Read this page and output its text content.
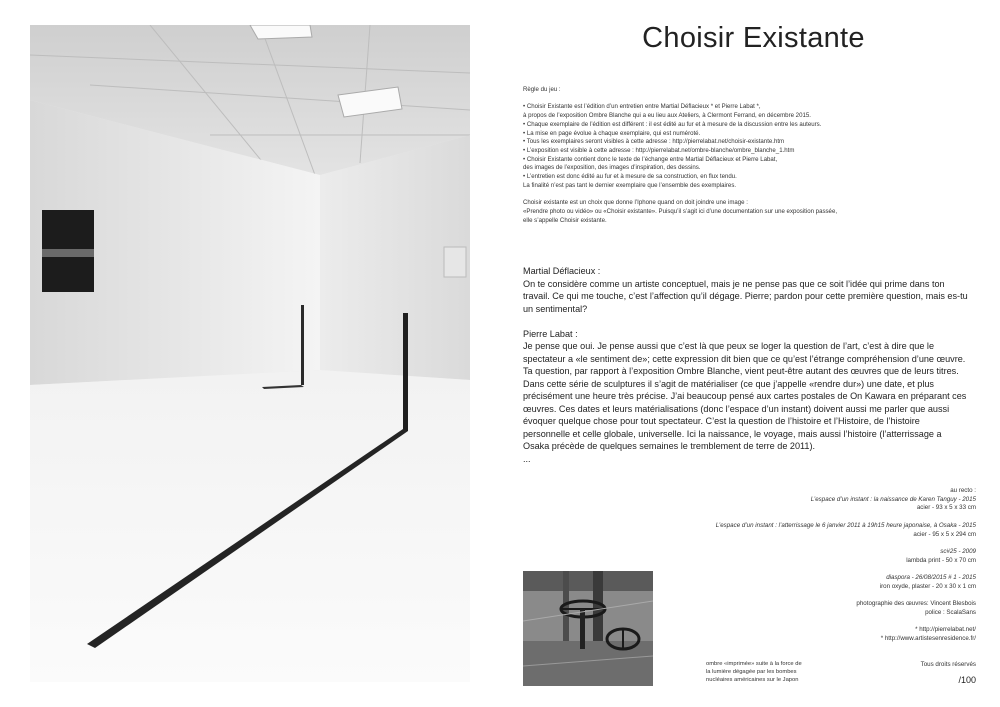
Choisir Existante
Règle du jeu :
• Choisir Existante est l’édition d’un entretien entre Martial Déflacieux * et Pierre Labat *,
à propos de l’exposition Ombre Blanche qui a eu lieu aux Ateliers, à Clermont Ferrand, en décembre 2015.
• Chaque exemplaire de l’édition est différent : il est édité au fur et à mesure de la discussion entre les auteurs.
• La mise en page évolue à chaque exemplaire, qui est numéroté.
• Tous les exemplaires seront visibles à cette adresse : http://pierrelabat.net/choisir-existante.htm
• L’exposition est visible à cette adresse : http://pierrelabat.net/ombre-blanche/ombre_blanche_1.htm
• Choisir Existante contient donc le texte de l’échange entre Martial Déflacieux et Pierre Labat,
des images de l’exposition, des images d’inspiration, des dessins.
• L’entretien est donc édité au fur et à mesure de sa construction, en flux tendu.
La finalité n’est pas tant le dernier exemplaire que l’ensemble des exemplaires.
Choisir existante est un choix que donne l’Iphone quand on doit joindre une image :
«Prendre photo ou vidéo» ou «Choisir existante». Puisqu’il s’agit ici d’une documentation sur une exposition passée,
elle s’appelle Choisir existante.

Martial Déflacieux :

On te considère comme un artiste conceptuel, mais je ne pense pas que ce soit l’idée qui prime dans ton travail. Ce qui me touche, c’est l’affection qu’il dégage. Pierre; pardon pour cette première question, mais es-tu un sentimental?

Pierre Labat :

Je pense que oui. Je pense aussi que c’est là que peux se loger la question de l’art, c’est à dire que le spectateur a «le sentiment de»; cette expression dit bien que ce qu’est l’étrange compréhension d’une œuvre. Ta question, par rapport à l’exposition Ombre Blanche, vient peut-être autant des œuvres que de leurs titres. Dans cette série de sculptures il s’agit de matérialiser (ce que j’appelle «rendre dur») une date, et plus précisément une heure très précise. J’ai beaucoup pensé aux cartes postales de On Kawara en préparant ces œuvres. Ces dates et leurs matérialisations (donc l’espace d’un instant) doivent aussi me parler que aussi évoquer quelque chose pour tout spectateur. C’est la question de l’histoire et l’Histoire, de l’histoire personnelle et celle globale, universelle. Ici la naissance, le voyage, mais aussi l’histoire (l’atterrissage a Osaka précède de quelques semaines le tremblement de terre de 2011).

...

au recto :
L’espace d’un instant : la naissance de Karen Tanguy - 2015
acier - 93 x 5 x 33 cm
L’espace d’un instant : l’atterrissage le 6 janvier 2011 à 19h15 heure japonaise, à Osaka - 2015
acier - 95 x 5 x 294 cm
sc#25 - 2009
lambda print - 50 x 70 cm
diaspora - 26/08/2015 # 1 - 2015
iron oxyde, plaster - 20 x 30 x 1 cm
photographie des œuvres: Vincent Blesbois
police : ScalaSans
* http://pierrelabat.net/
* http://www.artistesenresidence.fr/
ombre «imprimée» suite à la force de
la lumière dégagée par les bombes
nucléaires américaines sur le Japon
Tous droits réservés
/100
